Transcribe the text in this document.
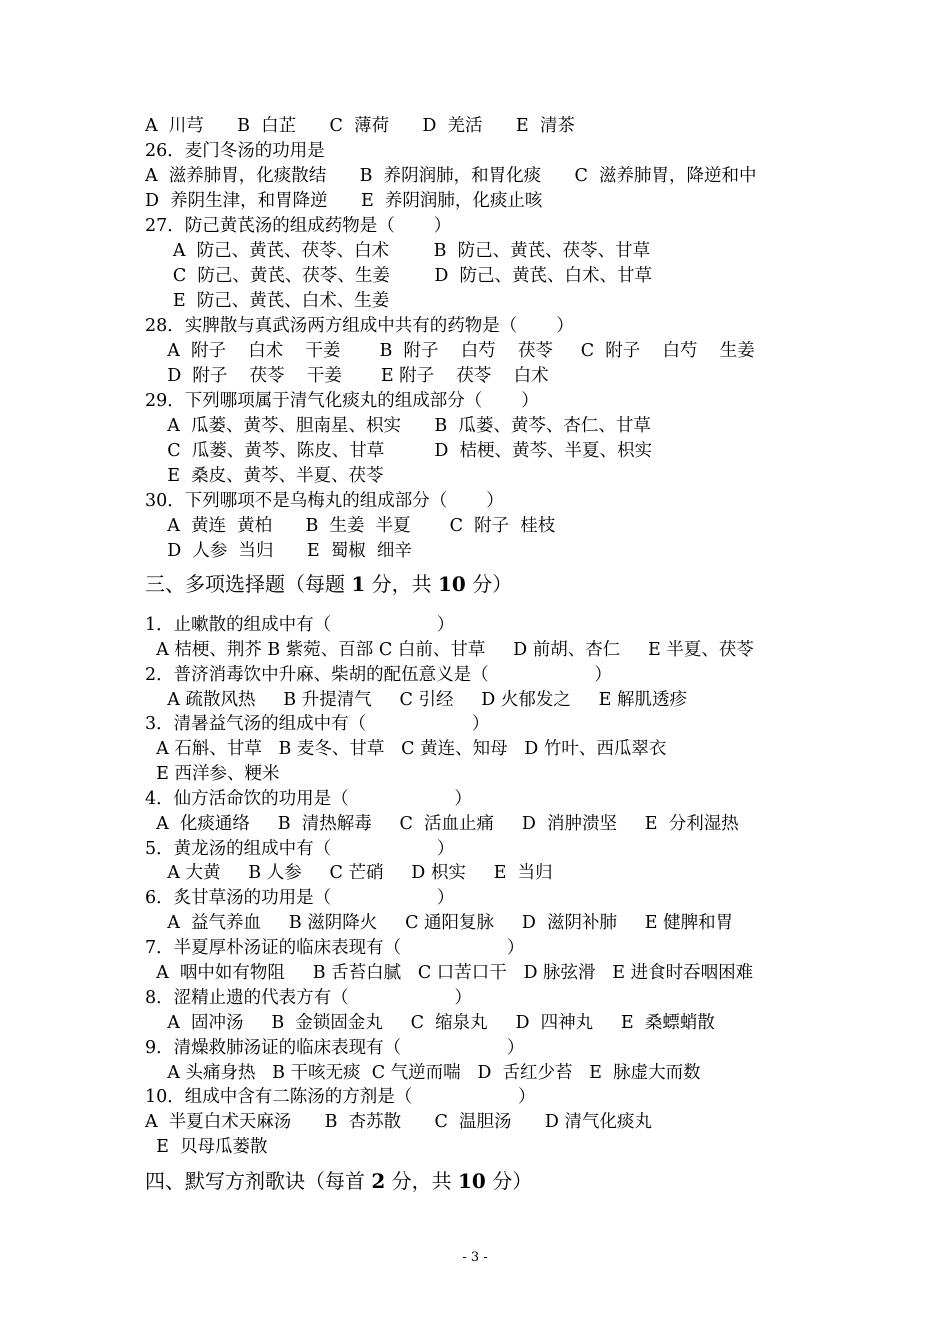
A  川芎      B  白芷      C  薄荷      D  羌活      E  清茶
26．麦门冬汤的功用是
A  滋养肺胃，化痰散结      B  养阴润肺，和胃化痰      C  滋养肺胃，降逆和中
D  养阴生津，和胃降逆      E  养阴润肺，化痰止咳
27．防己黄芪汤的组成药物是（       ）
A  防己、黄芪、茯苓、白术        B  防己、黄芪、茯苓、甘草
C  防己、黄芪、茯苓、生姜        D  防己、黄芪、白术、甘草
E  防己、黄芪、白术、生姜
28．实脾散与真武汤两方组成中共有的药物是（       ）
A  附子    白术    干姜       B  附子    白芍    茯苓     C  附子    白芍    生姜
D  附子    茯苓    干姜       E 附子    茯苓    白术
29．下列哪项属于清气化痰丸的组成部分（       ）
A  瓜蒌、黄芩、胆南星、枳实      B  瓜蒌、黄芩、杏仁、甘草
C  瓜蒌、黄芩、陈皮、甘草         D  桔梗、黄芩、半夏、枳实
E  桑皮、黄芩、半夏、茯苓
30．下列哪项不是乌梅丸的组成部分（       ）
A  黄连  黄柏      B  生姜  半夏       C  附子  桂枝
D  人参  当归      E  蜀椒  细辛
三、多项选择题（每题 1 分，共 10 分）
1．止嗽散的组成中有（                   ）
A 桔梗、荆芥 B 紫菀、百部 C 白前、甘草     D 前胡、杏仁     E 半夏、茯苓
2．普济消毒饮中升麻、柴胡的配伍意义是（                   ）
A 疏散风热     B 升提清气     C 引经     D 火郁发之     E 解肌透疹
3．清暑益气汤的组成中有（                   ）
A 石斛、甘草   B 麦冬、甘草   C 黄连、知母   D 竹叶、西瓜翠衣
E 西洋参、粳米
4．仙方活命饮的功用是（                   ）
A  化痰通络     B  清热解毒     C  活血止痛     D  消肿溃坚     E  分利湿热
5．黄龙汤的组成中有（                   ）
A 大黄     B 人参     C 芒硝     D 枳实     E  当归
6．炙甘草汤的功用是（                   ）
A  益气养血     B 滋阴降火     C 通阳复脉     D  滋阴补肺     E 健脾和胃
7．半夏厚朴汤证的临床表现有（                   ）
A  咽中如有物阻     B 舌苔白腻   C 口苦口干   D 脉弦滑   E 进食时吞咽困难
8．涩精止遗的代表方有（                   ）
A  固冲汤     B  金锁固金丸     C  缩泉丸     D  四神丸     E  桑螵蛸散
9．清燥救肺汤证的临床表现有（                   ）
A 头痛身热   B 干咳无痰  C 气逆而喘   D  舌红少苔   E  脉虚大而数
10．组成中含有二陈汤的方剂是（                   ）
A  半夏白术天麻汤      B  杏苏散      C  温胆汤      D 清气化痰丸
E  贝母瓜蒌散
四、默写方剂歌诀（每首 2 分，共 10 分）
- 3 -
